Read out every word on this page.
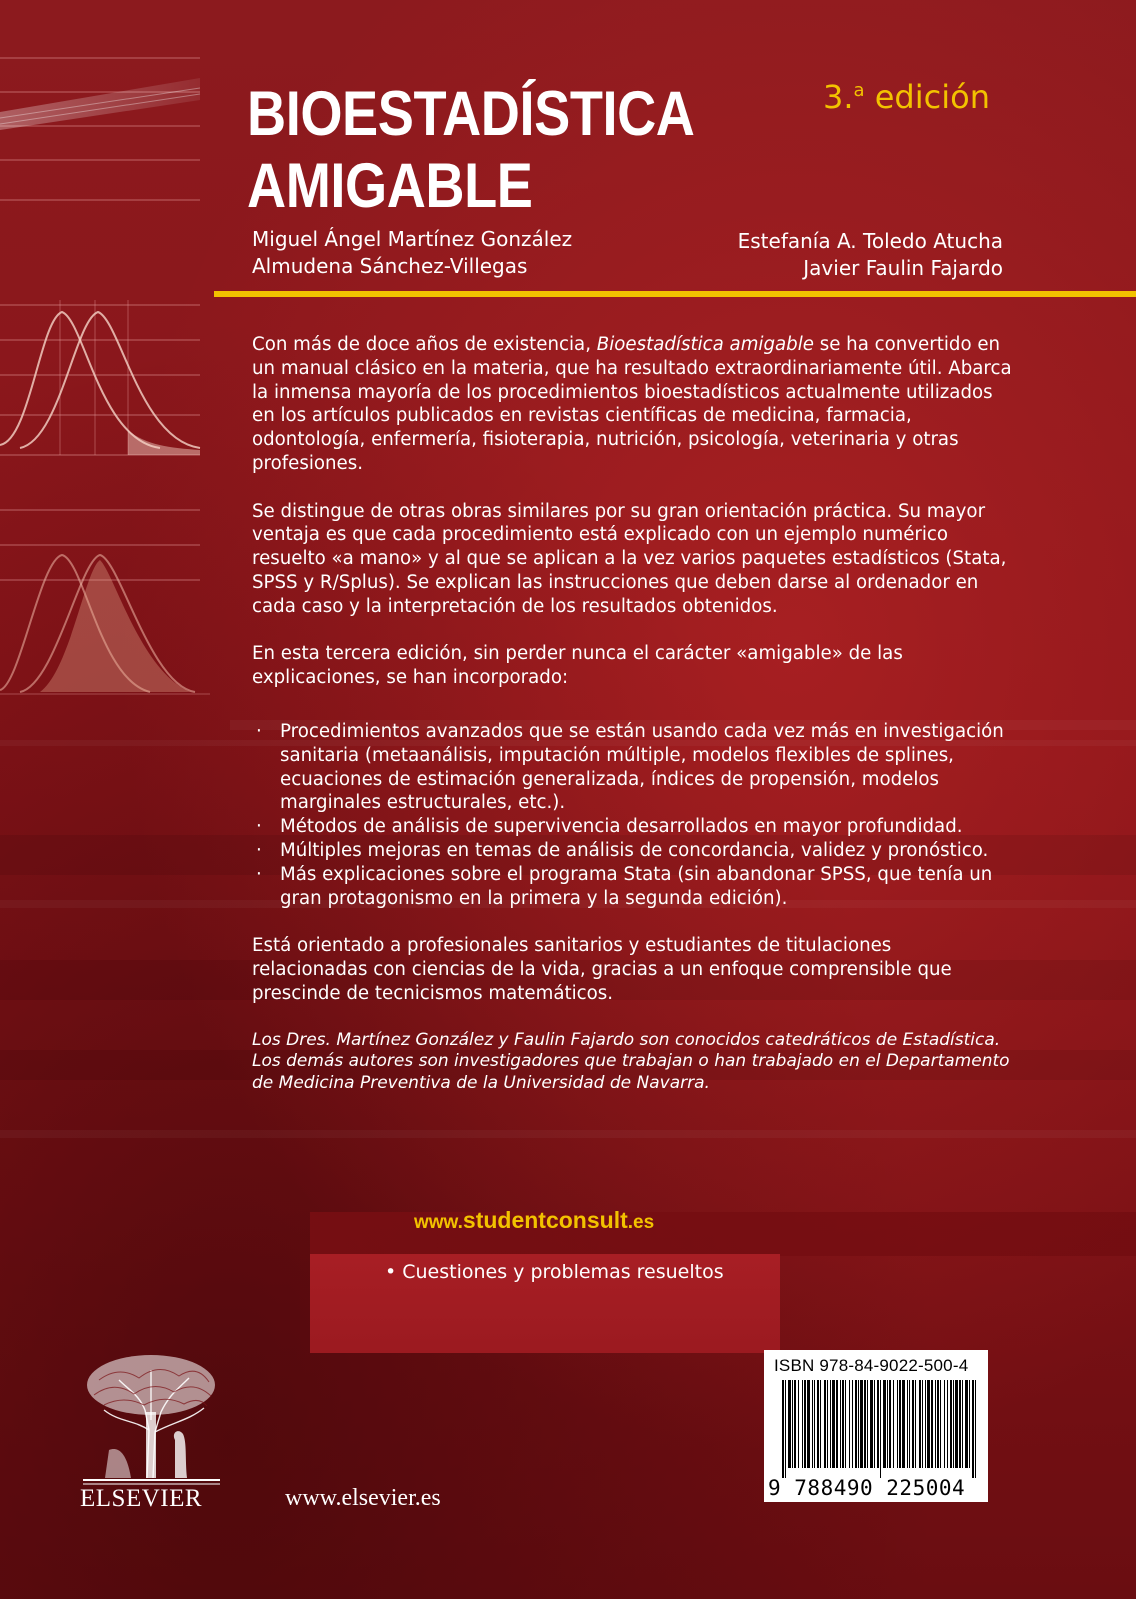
BIOESTADÍSTICA
AMIGABLE
3.$^a$ edición
Miguel Ángel Martínez González
Almudena Sánchez-Villegas
Estefanía A. Toledo Atucha
Javier Faulin Fajardo

Con más de doce años de existencia, Bioestadística amigable se ha convertido en un manual clásico en la materia, que ha resultado extraordinariamente útil. Abarca la inmensa mayoría de los procedimientos bioestadísticos actualmente utilizados en los artículos publicados en revistas científicas de medicina, farmacia, odontología, enfermería, fisioterapia, nutrición, psicología, veterinaria y otras profesiones.

Se distingue de otras obras similares por su gran orientación práctica. Su mayor ventaja es que cada procedimiento está explicado con un ejemplo numérico resuelto «a mano» y al que se aplican a la vez varios paquetes estadísticos (Stata, SPSS y R/Splus). Se explican las instrucciones que deben darse al ordenador en cada caso y la interpretación de los resultados obtenidos.

En esta tercera edición, sin perder nunca el carácter «amigable» de las explicaciones, se han incorporado:

· Procedimientos avanzados que se están usando cada vez más en investigación sanitaria (metaanálisis, imputación múltiple, modelos flexibles de splines, ecuaciones de estimación generalizada, índices de propensión, modelos marginales estructurales, etc.).
· Métodos de análisis de supervivencia desarrollados en mayor profundidad.
· Múltiples mejoras en temas de análisis de concordancia, validez y pronóstico.
· Más explicaciones sobre el programa Stata (sin abandonar SPSS, que tenía un gran protagonismo en la primera y la segunda edición).

Está orientado a profesionales sanitarios y estudiantes de titulaciones relacionadas con ciencias de la vida, gracias a un enfoque comprensible que prescinde de tecnicismos matemáticos.

Los Dres. Martínez González y Faulin Fajardo son conocidos catedráticos de Estadística. Los demás autores son investigadores que trabajan o han trabajado en el Departamento de Medicina Preventiva de la Universidad de Navarra.

www.studentconsult.es
• Cuestiones y problemas resueltos
ELSEVIER	www.elsevier.es
ISBN 978-84-9022-500-4
9 788490 225004
